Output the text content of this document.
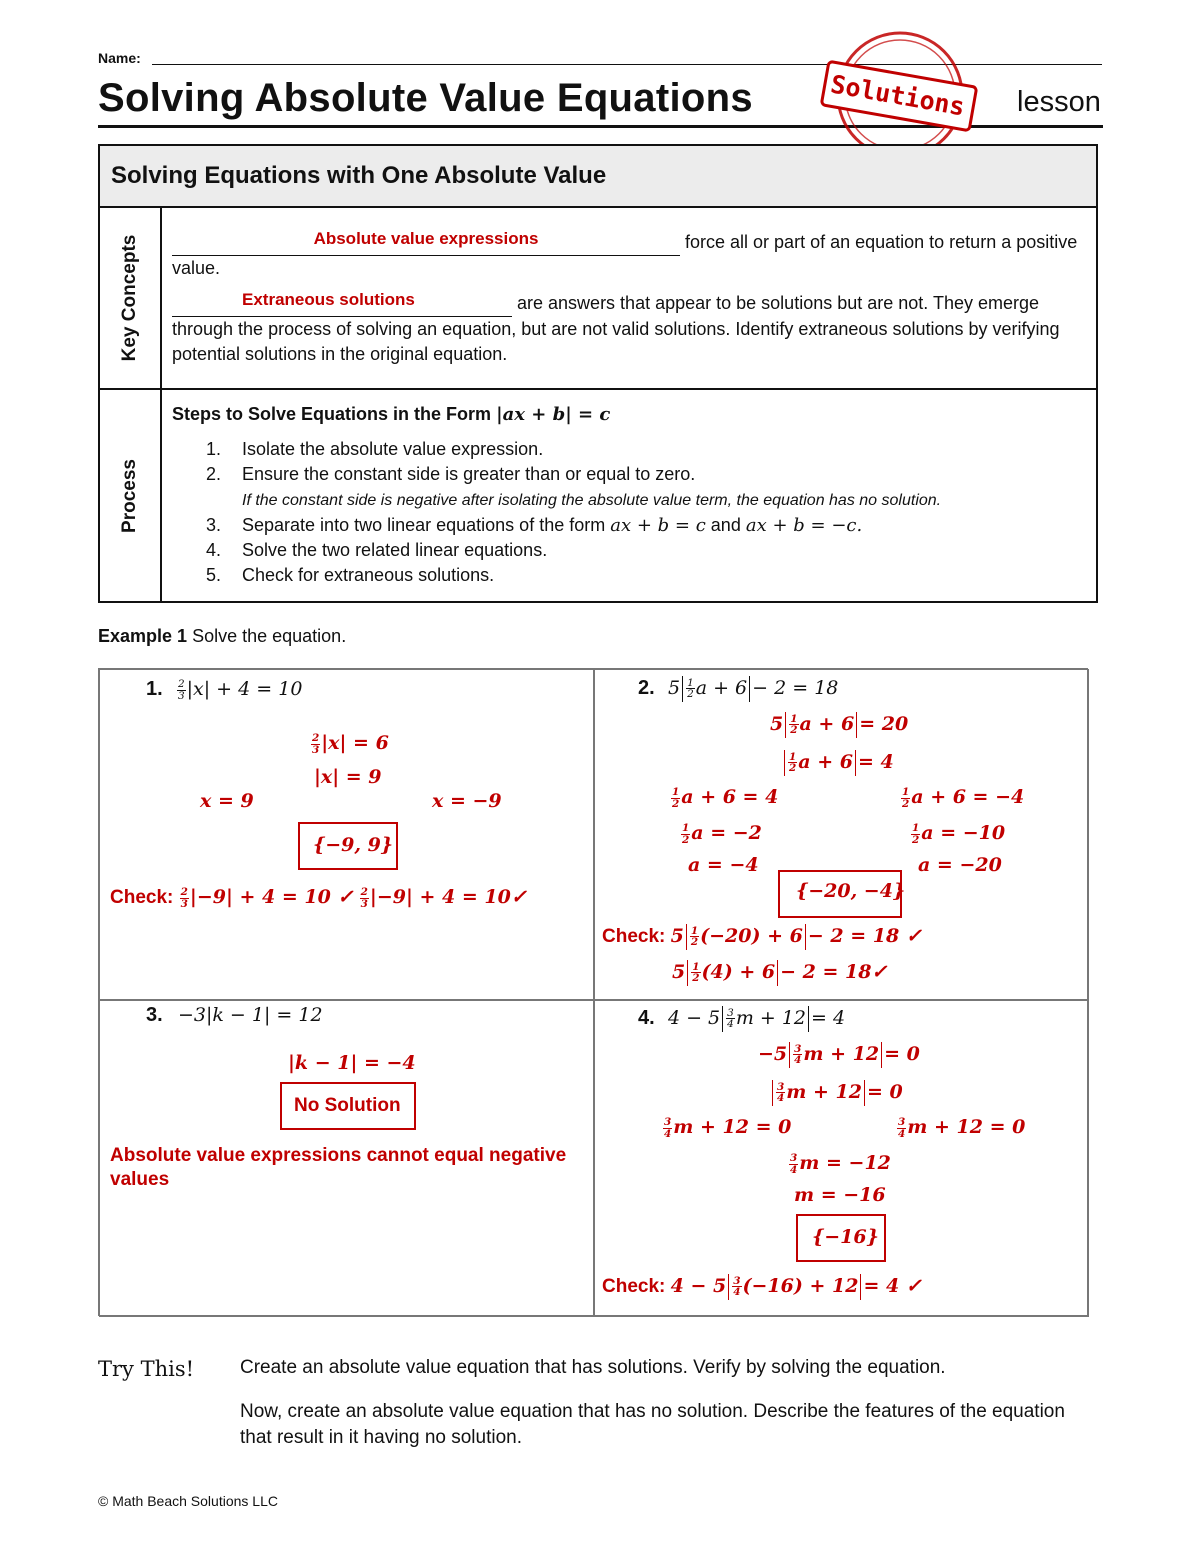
Name:
Solving Absolute Value Equations	lesson
Solutions
Solving Equations with One Absolute Value
Key Concepts	Absolute value expressions	force all or part of an equation to return a positive value.
Extraneous solutions	are answers that appear to be solutions but are not. They emerge through the process of solving an equation, but are not valid solutions. Identify extraneous solutions by verifying potential solutions in the original equation.
Process
Steps to Solve Equations in the Form |ax + b| = c
1. Isolate the absolute value expression.
2. Ensure the constant side is greater than or equal to zero.
If the constant side is negative after isolating the absolute value term, the equation has no solution.
3. Separate into two linear equations of the form ax + b = c and ax + b = −c.
4. Solve the two related linear equations.
5. Check for extraneous solutions.
Example 1 Solve the equation.
1. $\frac{2}{3} |x| + 4 = 10$
$\frac{2}{3} |x| = 6$
|x| = 9
x = 9	x = −9
{−9, 9}
Check: $\frac{2}{3} |-9| + 4 = 10$ ✓ $\frac{2}{3} |-9| + 4$ = 10✓
2. $5 \frac{1}{2}$ a + 6 − 2 = 18
$5 \frac{1}{2}$ a + 6 = 20
$\frac{1}{2}$ a + 6 = 4
$\frac{1}{2}$ a + 6 = 4	$\frac{1}{2}$ a + 6 = −4
$\frac{1}{2}$ a = −2	$\frac{1}{2}$ a = −10
a = −4	a = −20
{−20, −4}
Check: $5 \frac{1}{2} (-20) + 6 - 2 = 18$ ✓
$5 \frac{1}{2} (4) + 6 - 2$ = 18✓
3. −3|k − 1| = 12
|k − 1| = −4
No Solution
Absolute value expressions cannot equal negative values
4. $4 - 5 \frac{3}{4}$ m + 12 = 4
$-5 \frac{3}{4}$ m + 12 = 0
$\frac{3}{4}$ m + 12 = 0
$\frac{3}{4}$ m + 12 = 0	$\frac{3}{4}$ m + 12 = 0
$\frac{3}{4}$ m = −12
m = −16
{−16}
Check: $4 - 5 \frac{3}{4} (-16) + 12 = 4$ ✓
Try This! Create an absolute value equation that has solutions. Verify by solving the equation.
Now, create an absolute value equation that has no solution. Describe the features of the equation that result in it having no solution.
© Math Beach Solutions LLC
